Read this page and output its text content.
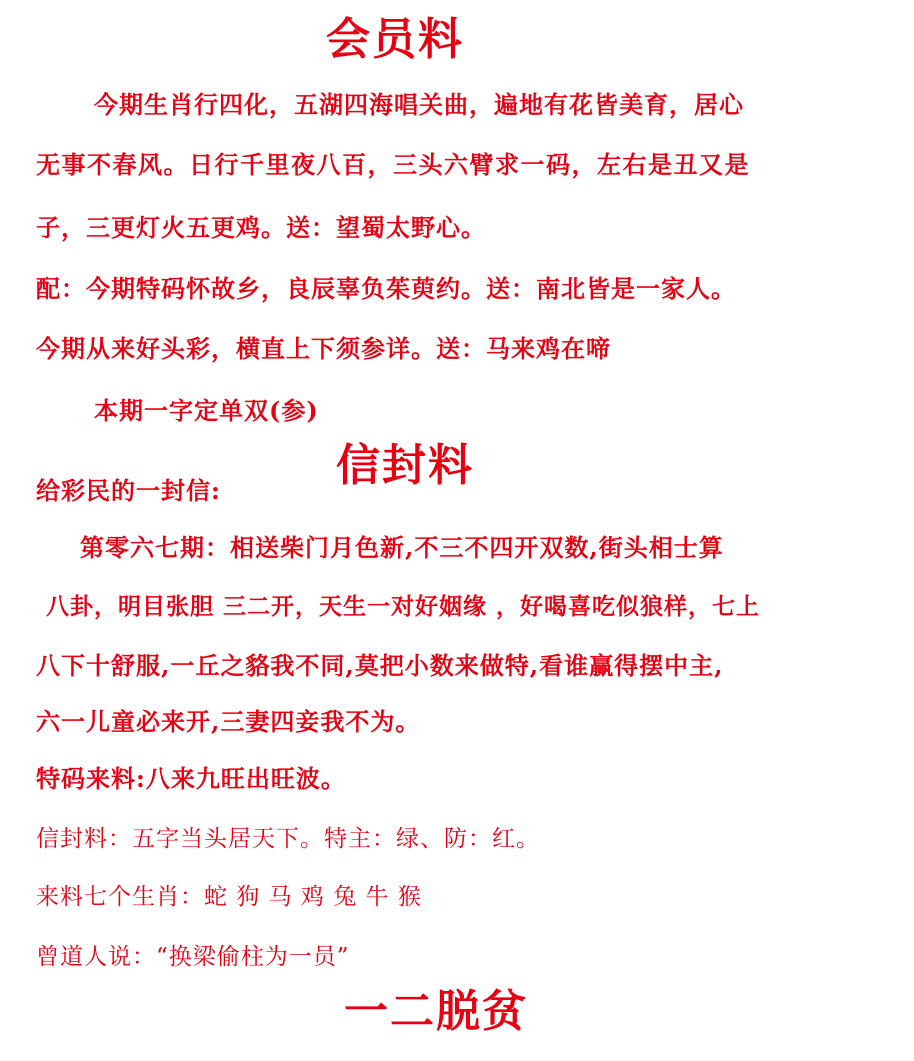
会员料
今期生肖行四化，五湖四海唱关曲，遍地有花皆美育，居心
无事不春风。日行千里夜八百，三头六臂求一码，左右是丑又是
子，三更灯火五更鸡。送：望蜀太野心。
配：今期特码怀故乡，良辰辜负茱萸约。送：南北皆是一家人。
今期从来好头彩，横直上下须参详。送：马来鸡在啼
本期一字定单双(参)
给彩民的一封信:	信封料
第零六七期：相送柴门月色新,不三不四开双数,街头相士算
八卦，明目张胆 三二开，天生一对好姻缘 ，好喝喜吃似狼样，七上
八下十舒服,一丘之貉我不同,莫把小数来做特,看谁赢得摆中主,
六一儿童必来开,三妻四妾我不为。
特码来料:八来九旺出旺波。
信封料：五字当头居天下。特主：绿、防：红。
来料七个生肖：蛇 狗 马 鸡 兔 牛 猴
曾道人说：“换梁偷柱为一员”
一二脱贫
